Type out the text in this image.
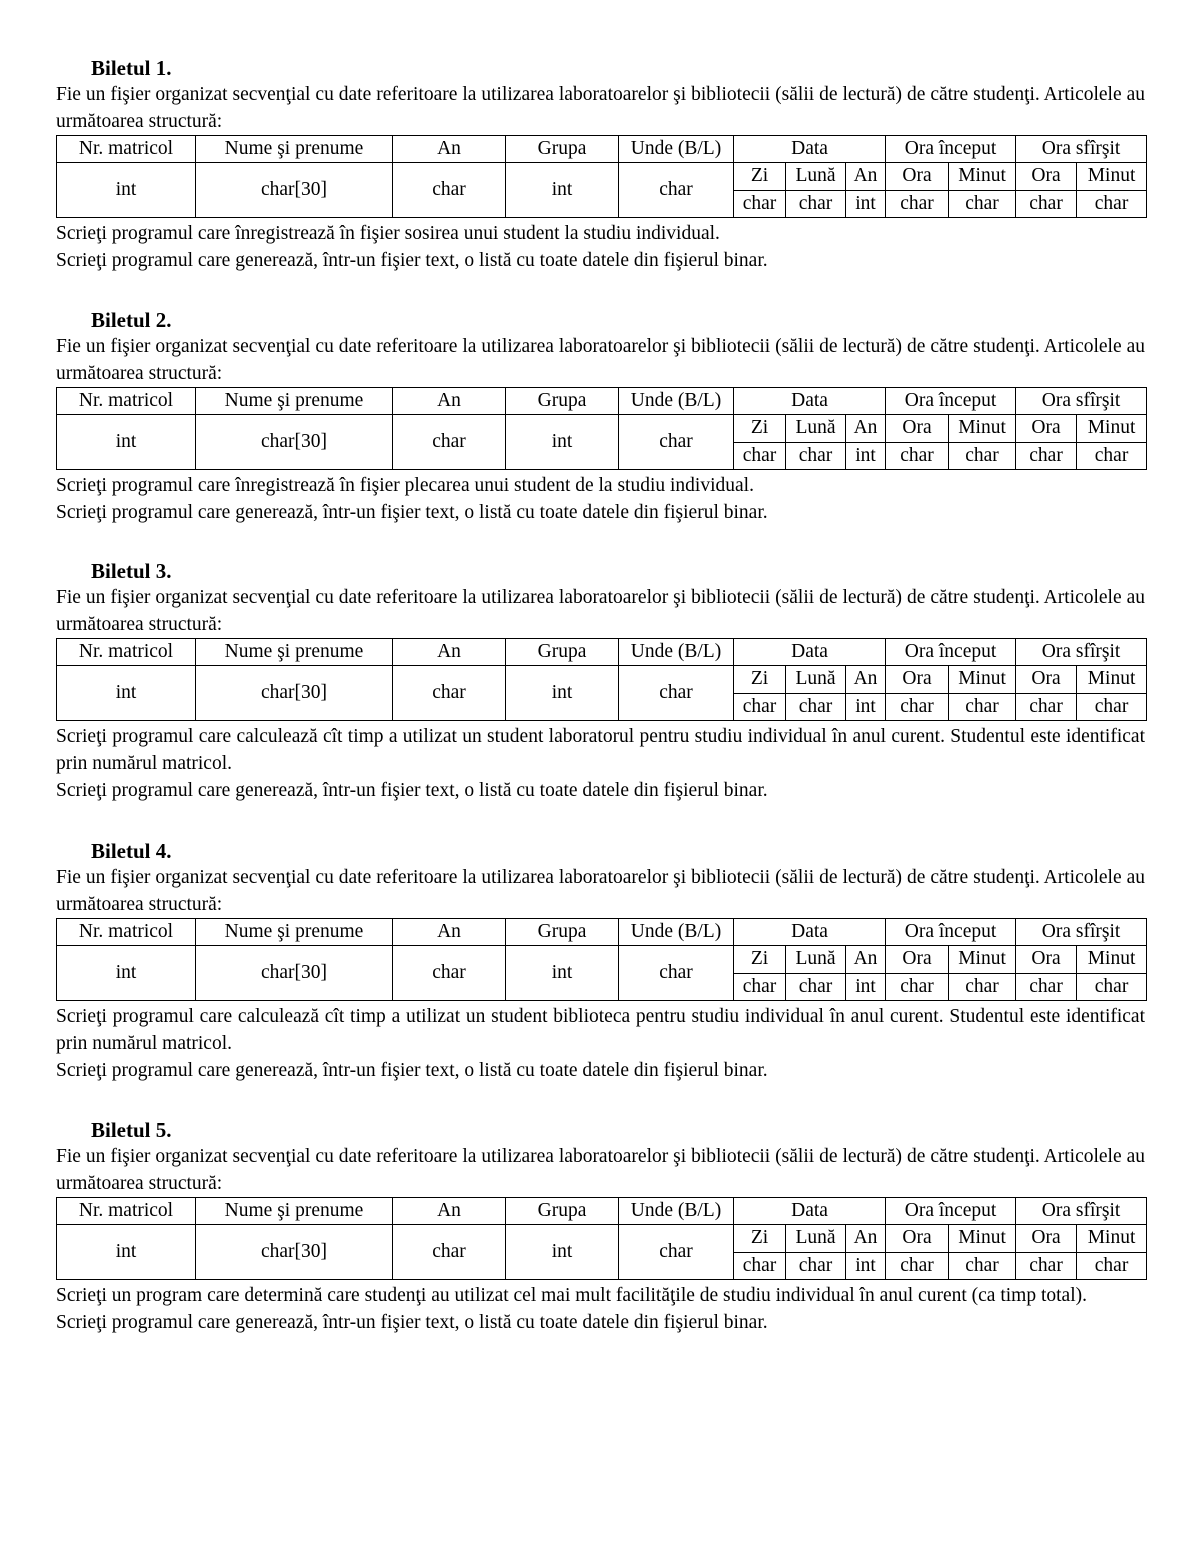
Biletul 1.
Fie un fişier organizat secvenţial cu date referitoare la utilizarea laboratoarelor şi bibliotecii (sălii de lectură) de către studenţi. Articolele au următoarea structură:
Nr. matricol	Nume şi prenume	An	Grupa	Unde (B/L)	Data			Ora început		Ora sfîrşit	
int	char[30]	char	int	char	Zi	Lună	An	Ora	Minut	Ora	Minut
					char	char	int	char	char	char	char

Scrieţi programul care înregistrează în fişier sosirea unui student la studiu individual.

Scrieţi programul care generează, într-un fişier text, o listă cu toate datele din fişierul binar.

Biletul 2.
Fie un fişier organizat secvenţial cu date referitoare la utilizarea laboratoarelor şi bibliotecii (sălii de lectură) de către studenţi. Articolele au următoarea structură:
Nr. matricol	Nume şi prenume	An	Grupa	Unde (B/L)	Data			Ora început		Ora sfîrşit	
int	char[30]	char	int	char	Zi	Lună	An	Ora	Minut	Ora	Minut
					char	char	int	char	char	char	char

Scrieţi programul care înregistrează în fişier plecarea unui student de la studiu individual.

Scrieţi programul care generează, într-un fişier text, o listă cu toate datele din fişierul binar.

Biletul 3.
Fie un fişier organizat secvenţial cu date referitoare la utilizarea laboratoarelor şi bibliotecii (sălii de lectură) de către studenţi. Articolele au următoarea structură:
Nr. matricol	Nume şi prenume	An	Grupa	Unde (B/L)	Data			Ora început		Ora sfîrşit	
int	char[30]	char	int	char	Zi	Lună	An	Ora	Minut	Ora	Minut
					char	char	int	char	char	char	char

Scrieţi programul care calculează cît timp a utilizat un student laboratorul pentru studiu individual în anul curent. Studentul este identificat prin numărul matricol.

Scrieţi programul care generează, într-un fişier text, o listă cu toate datele din fişierul binar.

Biletul 4.
Fie un fişier organizat secvenţial cu date referitoare la utilizarea laboratoarelor şi bibliotecii (sălii de lectură) de către studenţi. Articolele au următoarea structură:
Nr. matricol	Nume şi prenume	An	Grupa	Unde (B/L)	Data			Ora început		Ora sfîrşit	
int	char[30]	char	int	char	Zi	Lună	An	Ora	Minut	Ora	Minut
					char	char	int	char	char	char	char

Scrieţi programul care calculează cît timp a utilizat un student biblioteca pentru studiu individual în anul curent. Studentul este identificat prin numărul matricol.

Scrieţi programul care generează, într-un fişier text, o listă cu toate datele din fişierul binar.

Biletul 5.
Fie un fişier organizat secvenţial cu date referitoare la utilizarea laboratoarelor şi bibliotecii (sălii de lectură) de către studenţi. Articolele au următoarea structură:
Nr. matricol	Nume şi prenume	An	Grupa	Unde (B/L)	Data			Ora început		Ora sfîrşit	
int	char[30]	char	int	char	Zi	Lună	An	Ora	Minut	Ora	Minut
					char	char	int	char	char	char	char

Scrieţi un program care determină care studenţi au utilizat cel mai mult facilităţile de studiu individual în anul curent (ca timp total).

Scrieţi programul care generează, într-un fişier text, o listă cu toate datele din fişierul binar.
